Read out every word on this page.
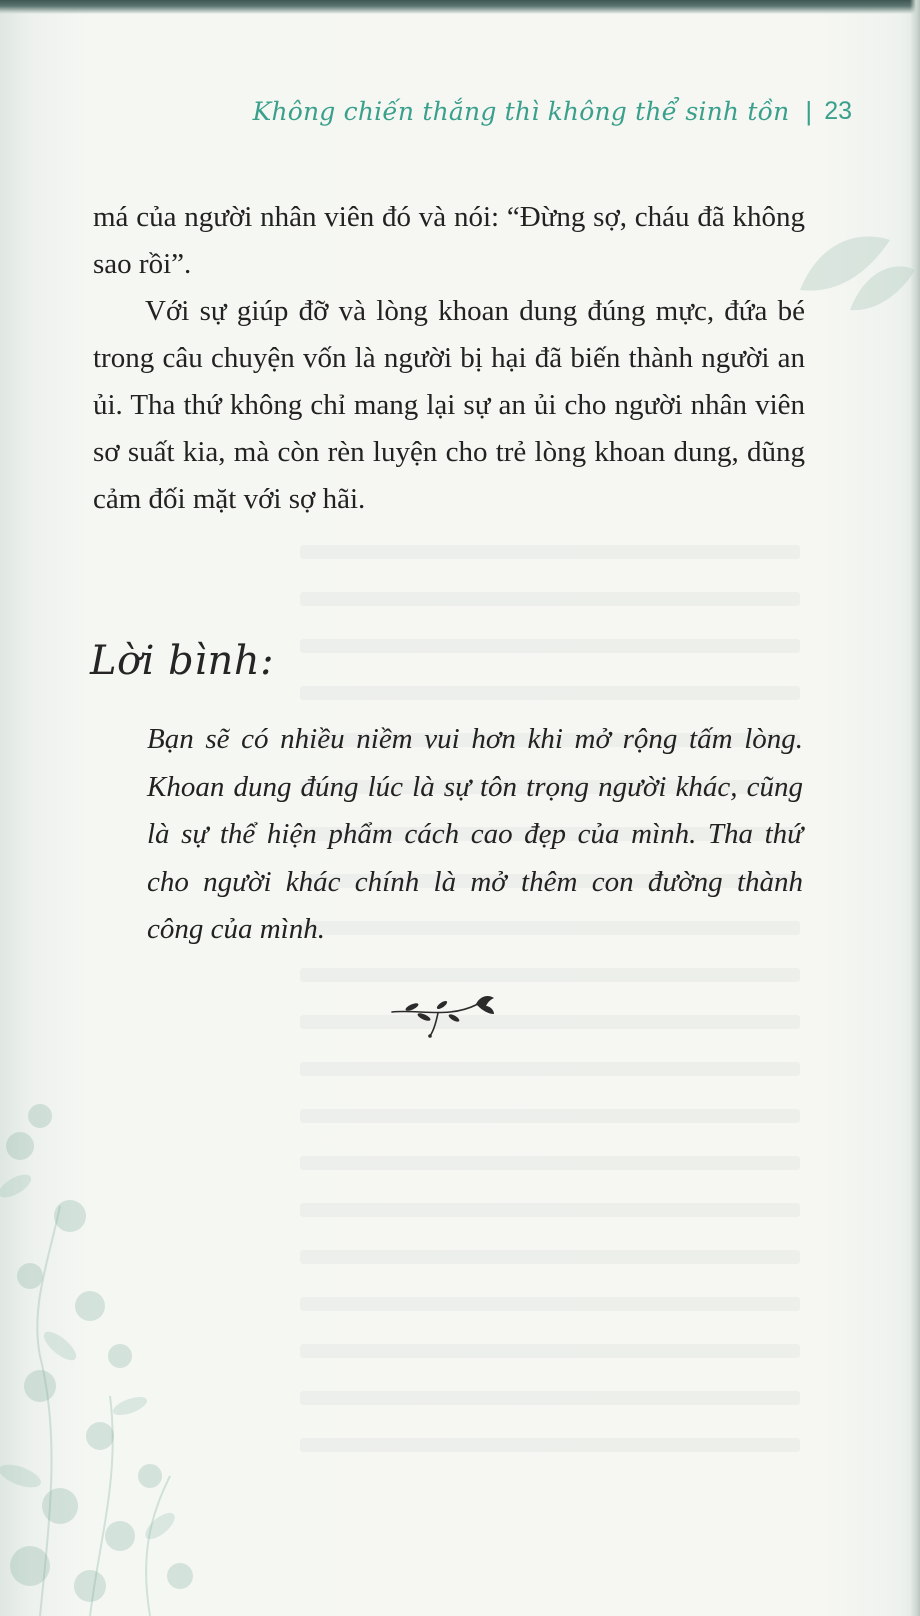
Không chiến thắng thì không thể sinh tồn | 23

má của người nhân viên đó và nói: “Đừng sợ, cháu đã không sao rồi”.

Với sự giúp đỡ và lòng khoan dung đúng mực, đứa bé trong câu chuyện vốn là người bị hại đã biến thành người an ủi. Tha thứ không chỉ mang lại sự an ủi cho người nhân viên sơ suất kia, mà còn rèn luyện cho trẻ lòng khoan dung, dũng cảm đối mặt với sợ hãi.

Lời bình:

Bạn sẽ có nhiều niềm vui hơn khi mở rộng tấm lòng. Khoan dung đúng lúc là sự tôn trọng người khác, cũng là sự thể hiện phẩm cách cao đẹp của mình. Tha thứ cho người khác chính là mở thêm con đường thành công của mình.
